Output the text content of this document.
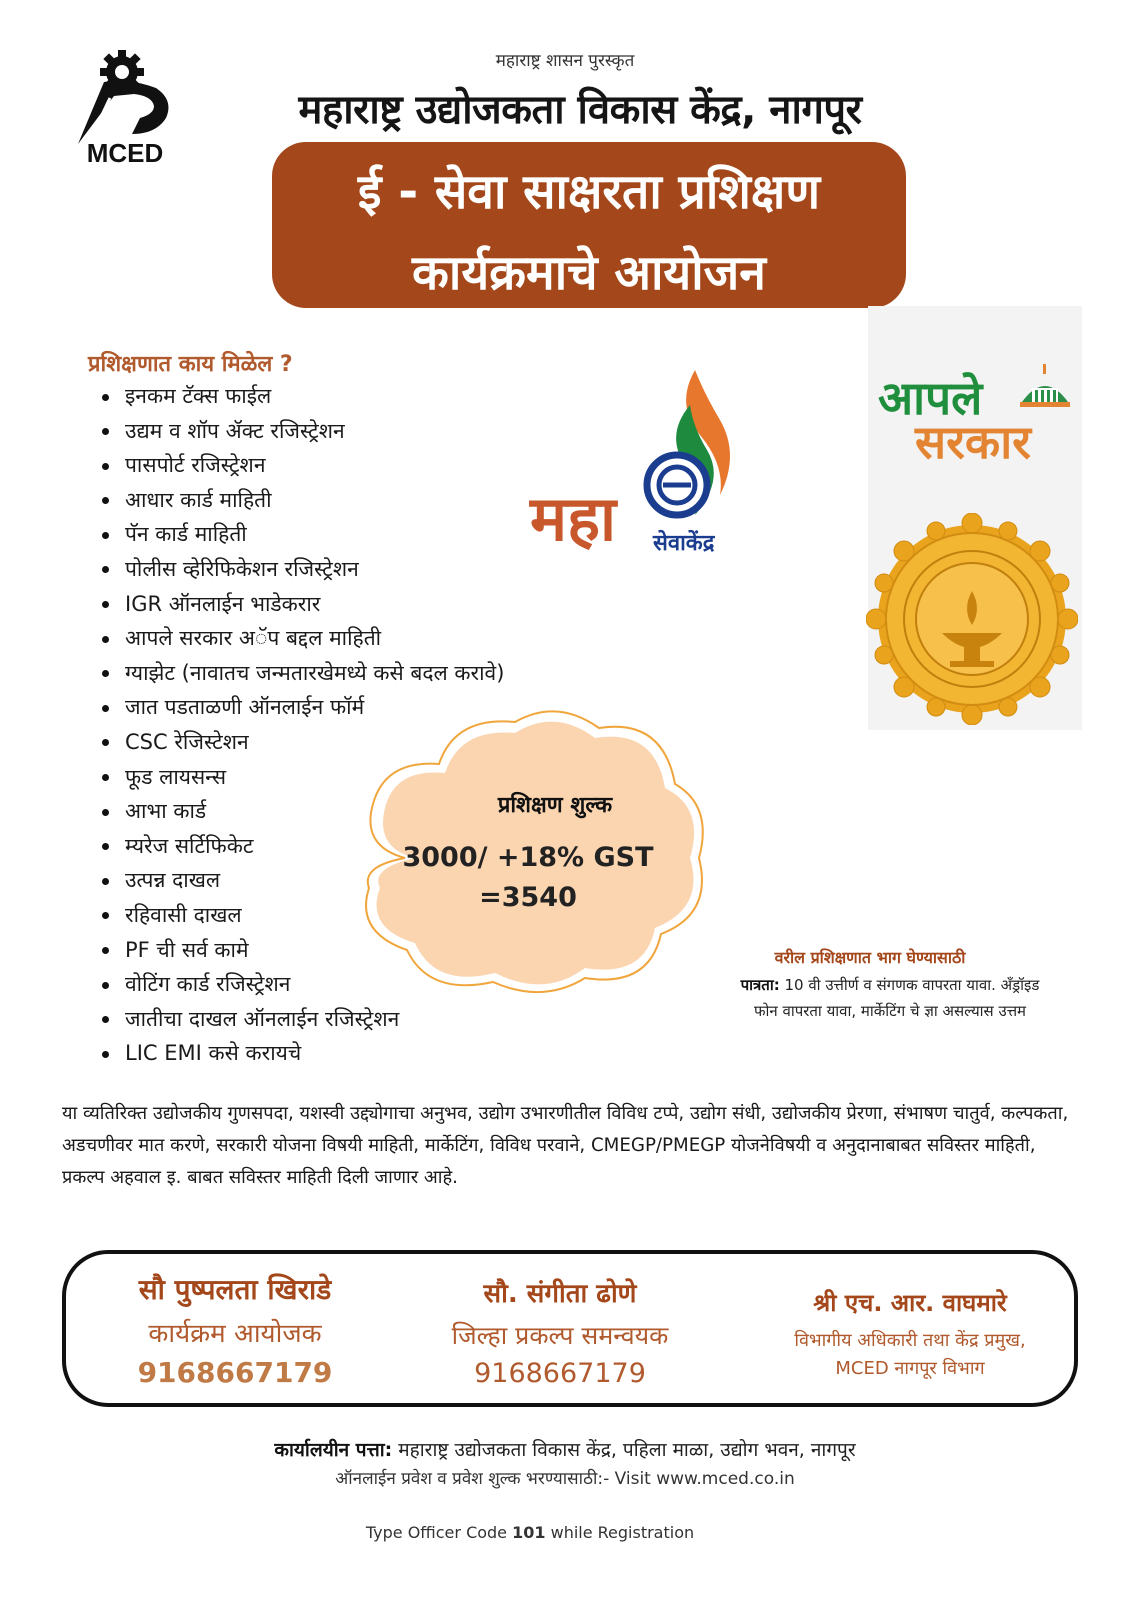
MCED
महाराष्ट्र शासन पुरस्कृत
महाराष्ट्र उद्योजकता विकास केंद्र, नागपूर
ई - सेवा साक्षरता प्रशिक्षण
कार्यक्रमाचे आयोजन
प्रशिक्षणात काय मिळेल ?
इनकम टॅक्स फाईल
उद्यम व शॉप ॲक्ट रजिस्ट्रेशन
पासपोर्ट रजिस्ट्रेशन
आधार कार्ड माहिती
पॅन कार्ड माहिती
पोलीस व्हेरिफिकेशन रजिस्ट्रेशन
IGR ऑनलाईन भाडेकरार
आपले सरकार अॅप बद्दल माहिती
ग्याझेट (नावातच जन्मतारखेमध्ये कसे बदल करावे)
जात पडताळणी ऑनलाईन फॉर्म
CSC रेजिस्टेशन
फूड लायसन्स
आभा कार्ड
म्यरेज सर्टिफिकेट
उत्पन्न दाखल
रहिवासी दाखल
PF ची सर्व कामे
वोटिंग कार्ड रजिस्ट्रेशन
जातीचा दाखल ऑनलाईन रजिस्ट्रेशन
LIC EMI कसे करायचे
महा सेवाकेंद्र
आपले
सरकार
प्रशिक्षण शुल्क
3000/ +18% GST
=3540
वरील प्रशिक्षणात भाग घेण्यासाठी
पात्रता: 10 वी उत्तीर्ण व संगणक वापरता यावा. अँड्रॉइड
फोन वापरता यावा, मार्केटिंग चे ज्ञा असल्यास उत्तम
या व्यतिरिक्त उद्योजकीय गुणसपदा, यशस्वी उद्द्योगाचा अनुभव, उद्योग उभारणीतील विविध टप्पे, उद्योग संधी, उद्योजकीय प्रेरणा, संभाषण चातुर्व, कल्पकता, अडचणीवर मात करणे, सरकारी योजना विषयी माहिती, मार्केटिंग, विविध परवाने, CMEGP/PMEGP योजनेविषयी व अनुदानाबाबत सविस्तर माहिती, प्रकल्प अहवाल इ. बाबत सविस्तर माहिती दिली जाणार आहे.
सौ पुष्पलता खिराडे
कार्यक्रम आयोजक
9168667179
सौ. संगीता ढोणे
जिल्हा प्रकल्प समन्वयक
9168667179
श्री एच. आर. वाघमारे
विभागीय अधिकारी तथा केंद्र प्रमुख,
MCED नागपूर विभाग
कार्यालयीन पत्ता: महाराष्ट्र उद्योजकता विकास केंद्र, पहिला माळा, उद्योग भवन, नागपूर
ऑनलाईन प्रवेश व प्रवेश शुल्क भरण्यासाठी:- Visit www.mced.co.in
Type Officer Code 101 while Registration
